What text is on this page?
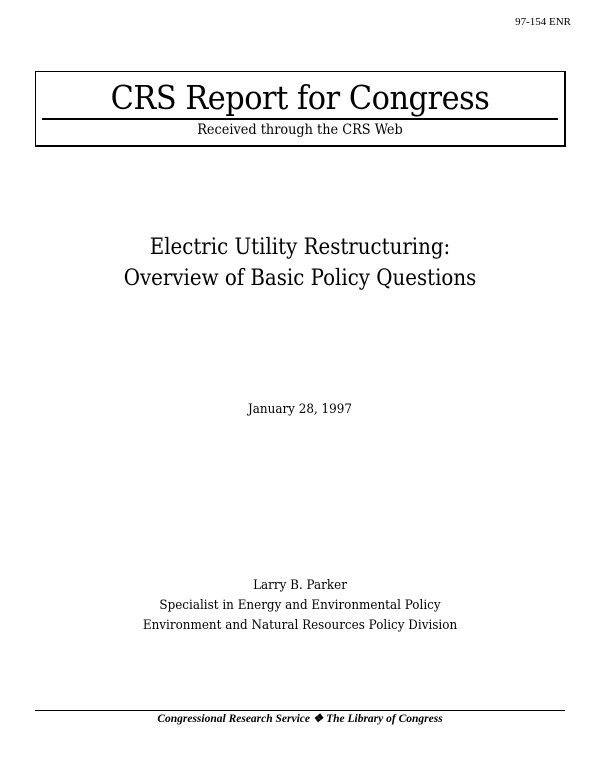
97-154 ENR
CRS Report for Congress
Received through the CRS Web
Electric Utility Restructuring:
Overview of Basic Policy Questions
January 28, 1997
Larry B. Parker
Specialist in Energy and Environmental Policy
Environment and Natural Resources Policy Division
Congressional Research Service ❖ The Library of Congress
